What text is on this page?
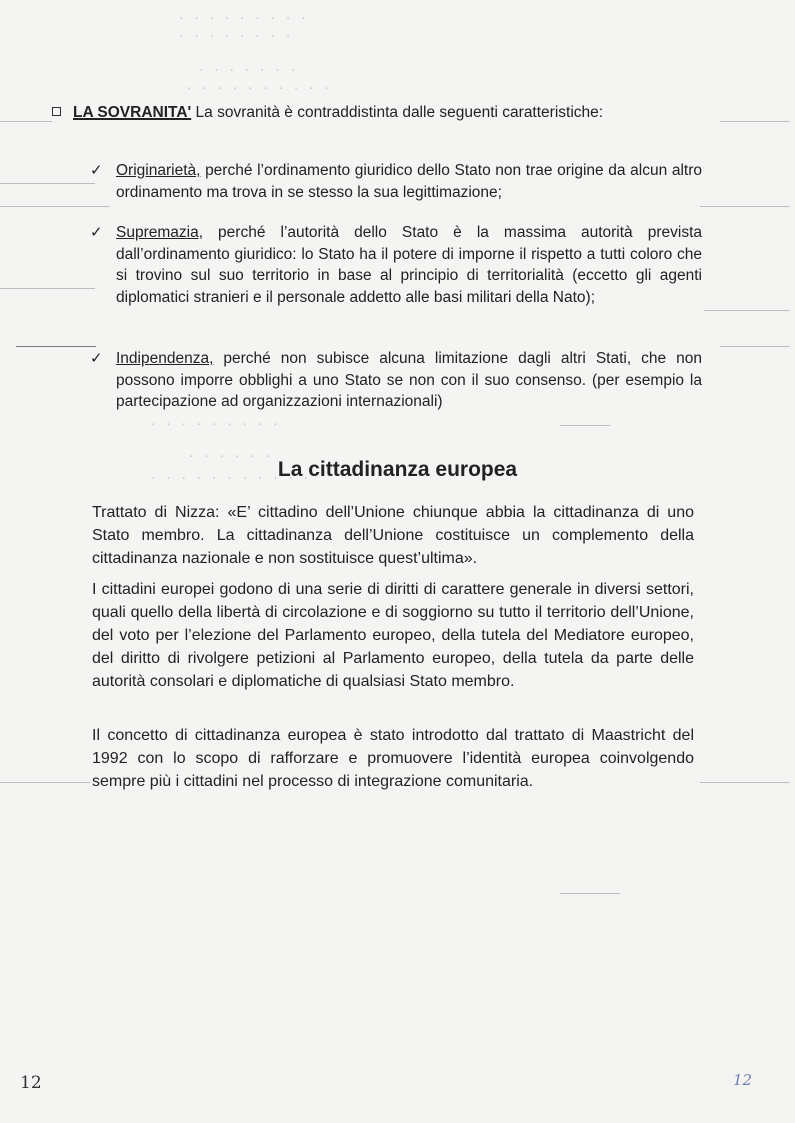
· · · · · · · · ·
· · · · · · · ·
· · · · · · ·
· · · · · · · · · ·
· · · · · · · · ·
· · · · · ·
· · · · · · · · · · ·
LA SOVRANITA' La sovranità è contraddistinta dalle seguenti caratteristiche:
✓ Originarietà, perché l’ordinamento giuridico dello Stato non trae origine da alcun altro ordinamento ma trova in se stesso la sua legittimazione;
✓ Supremazia, perché l’autorità dello Stato è la massima autorità prevista dall’ordinamento giuridico: lo Stato ha il potere di imporne il rispetto a tutti coloro che si trovino sul suo territorio in base al principio di territorialità (eccetto gli agenti diplomatici stranieri e il personale addetto alle basi militari della Nato);
✓ Indipendenza, perché non subisce alcuna limitazione dagli altri Stati, che non possono imporre obblighi a uno Stato se non con il suo consenso. (per esempio la partecipazione ad organizzazioni internazionali)
La cittadinanza europea
Trattato di Nizza: «E’ cittadino dell’Unione chiunque abbia la cittadinanza di uno Stato membro. La cittadinanza dell’Unione costituisce un complemento della cittadinanza nazionale e non sostituisce quest’ultima».
I cittadini europei godono di una serie di diritti di carattere generale in diversi settori, quali quello della libertà di circolazione e di soggiorno su tutto il territorio dell’Unione, del voto per l’elezione del Parlamento europeo, della tutela del Mediatore europeo, del diritto di rivolgere petizioni al Parlamento europeo, della tutela da parte delle autorità consolari e diplomatiche di qualsiasi Stato membro.
Il concetto di cittadinanza europea è stato introdotto dal trattato di Maastricht del 1992 con lo scopo di rafforzare e promuovere l’identità europea coinvolgendo sempre più i cittadini nel processo di integrazione comunitaria.
12	12
